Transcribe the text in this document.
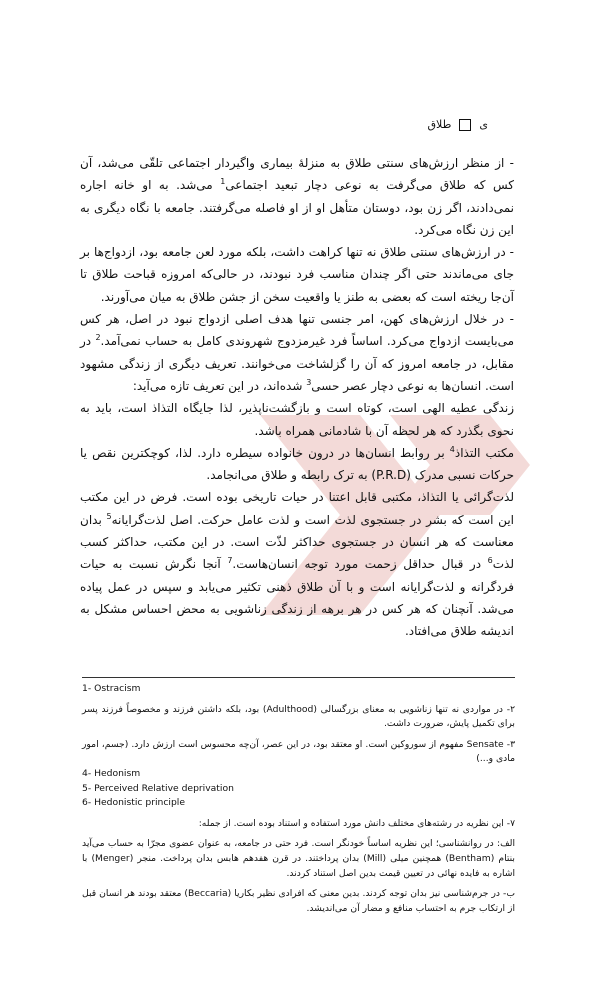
ی
طلاق

- از منظر ارزش‌های سنتی طلاق به منزلهٔ بیماری واگیردار اجتماعی تلقّی می‌شد، آن کس که طلاق می‌گرفت به نوعی دچار تبعید اجتماعی$^1$ می‌شد. به او خانه اجاره نمی‌دادند، اگر زن بود، دوستان متأهل او از او فاصله می‌گرفتند. جامعه با نگاه دیگری به این زن نگاه می‌کرد.

- در ارزش‌های سنتی طلاق نه تنها کراهت داشت، بلکه مورد لعن جامعه بود، ازدواج‌ها بر جای می‌ماندند حتی اگر چندان مناسب فرد نبودند، در حالی‌که امروزه قباحت طلاق تا آن‌جا ریخته است که بعضی به طنز یا واقعیت سخن از جشن طلاق به میان می‌آورند.

- در خلال ارزش‌های کهن، امر جنسی تنها هدف اصلی ازدواج نبود در اصل، هر کس می‌بایست ازدواج می‌کرد. اساساً فرد غیرمزدوج شهروندی کامل به حساب نمی‌آمد.$^2$ در مقابل، در جامعه امروز که آن را گزلشاخت می‌خوانند. تعریف دیگری از زندگی مشهود است. انسان‌ها به نوعی دچار عصر حسی$^3$ شده‌اند، در این تعریف تازه می‌آید:

زندگی عطیه الهی است، کوتاه است و بازگشت‌ناپذیر، لذا جایگاه التذاذ است، باید به نحوی بگذرد که هر لحظه آن با شادمانی همراه باشد.

مکتب التذاذ$^4$ بر روابط انسان‌ها در درون خانواده سیطره دارد. لذا، کوچکترین نقص یا حرکات نسبی مدرک (P.R.D) به ترک رابطه و طلاق می‌انجامد.

لذت‌گرائی یا التذاذ، مکتبی قابل اعتنا در حیات تاریخی بوده است. فرض در این مکتب این است که بشر در جستجوی لذت است و لذت عامل حرکت. اصل لذت‌گرایانه$^5$ بدان معناست که هر انسان در جستجوی حداکثر لذّت است. در این مکتب، حداکثر کسب لذت$^6$ در قبال حداقل زحمت مورد توجه انسان‌هاست.$^7$ آنجا نگرش نسبت به حیات فردگرانه و لذت‌گرایانه است و با آن طلاق ذهنی تکثیر می‌یابد و سپس در عمل پیاده می‌شد. آنچنان که هر کس در هر برهه از زندگی زناشویی به محض احساس مشکل به اندیشه طلاق می‌افتاد.

1- Ostracism
۲- در مواردی نه تنها زناشویی به معنای بزرگسالی (Adulthood) بود، بلکه داشتن فرزند و مخصوصاً فرزند پسر برای تکمیل پایش، ضرورت داشت.
۳- Sensate مفهوم از سوروکین است. او معتقد بود، در این عصر، آن‌چه محسوس است ارزش دارد. (جسم، امور مادی و...)
4- Hedonism
5- Perceived Relative deprivation
6- Hedonistic principle
۷- این نظریه در رشته‌های مختلف دانش مورد استفاده و استناد بوده است. از جمله:
الف: در روانشناسی؛ این نظریه اساساً خودنگر است. فرد حتی در جامعه، به عنوان عضوی مجرّا به حساب می‌آید بنتام (Bentham) همچنین میلی (Mill) بدان پرداختند. در قرن هفدهم هابس بدان پرداخت. منجر (Menger) با اشاره به فایده نهائی در تعیین قیمت بدین اصل استناد کردند.
ب- در جرم‌شناسی نیز بدان توجه کردند. بدین معنی که افرادی نظیر بکاریا (Beccaria) معتقد بودند هر انسان قبل از ارتکاب جرم به احتساب منافع و مضار آن می‌اندیشد.
